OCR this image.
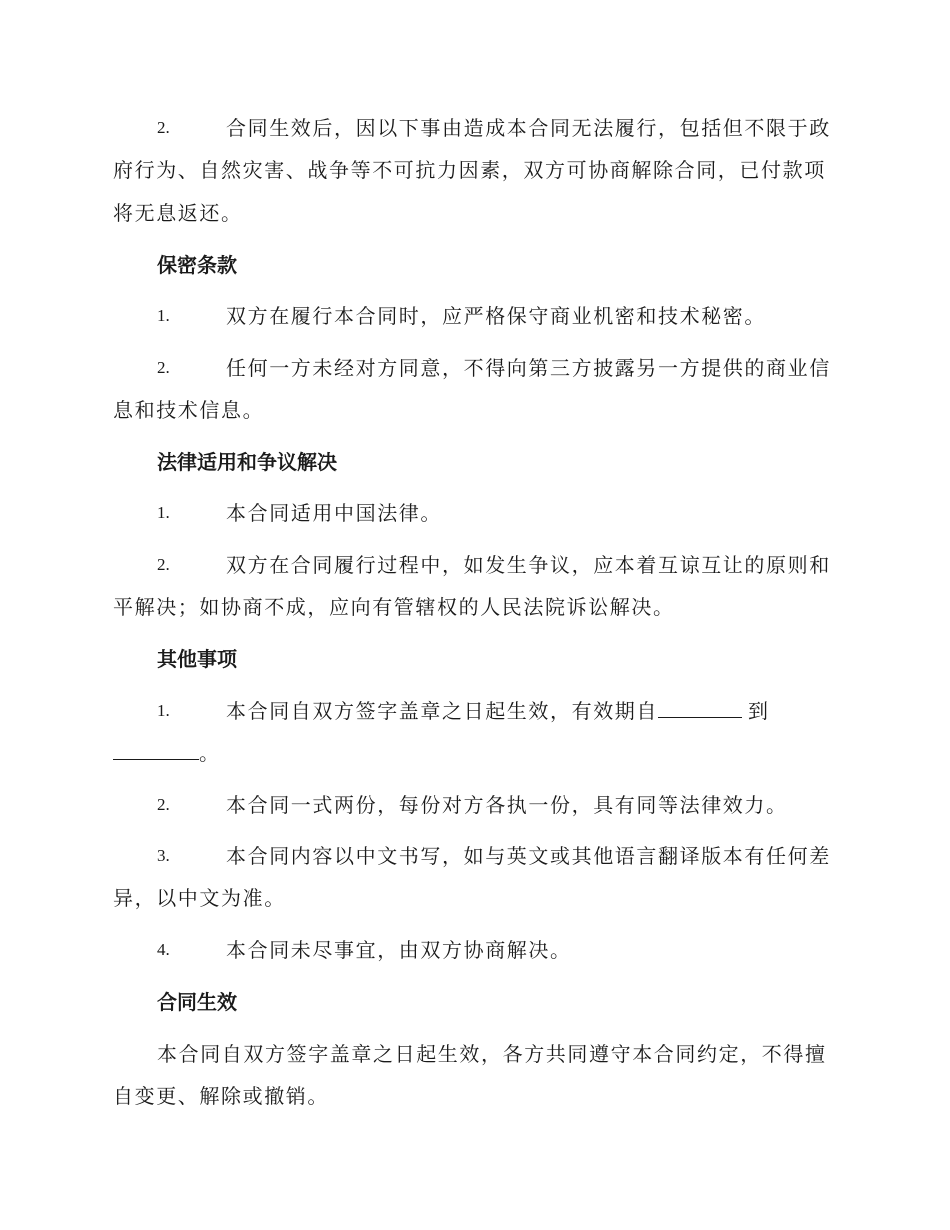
2.	合同生效后，因以下事由造成本合同无法履行，包括但不限于政
府行为、自然灾害、战争等不可抗力因素，双方可协商解除合同，已付款项
将无息返还。
保密条款
1.	双方在履行本合同时，应严格保守商业机密和技术秘密。
2.	任何一方未经对方同意，不得向第三方披露另一方提供的商业信
息和技术信息。
法律适用和争议解决
1.	本合同适用中国法律。
2.	双方在合同履行过程中，如发生争议，应本着互谅互让的原则和
平解决；如协商不成，应向有管辖权的人民法院诉讼解决。
其他事项
1.	本合同自双方签字盖章之日起生效，有效期自	到
。
2.	本合同一式两份，每份对方各执一份，具有同等法律效力。
3.	本合同内容以中文书写，如与英文或其他语言翻译版本有任何差
异，以中文为准。
4.	本合同未尽事宜，由双方协商解决。
合同生效
本合同自双方签字盖章之日起生效，各方共同遵守本合同约定，不得擅
自变更、解除或撤销。
